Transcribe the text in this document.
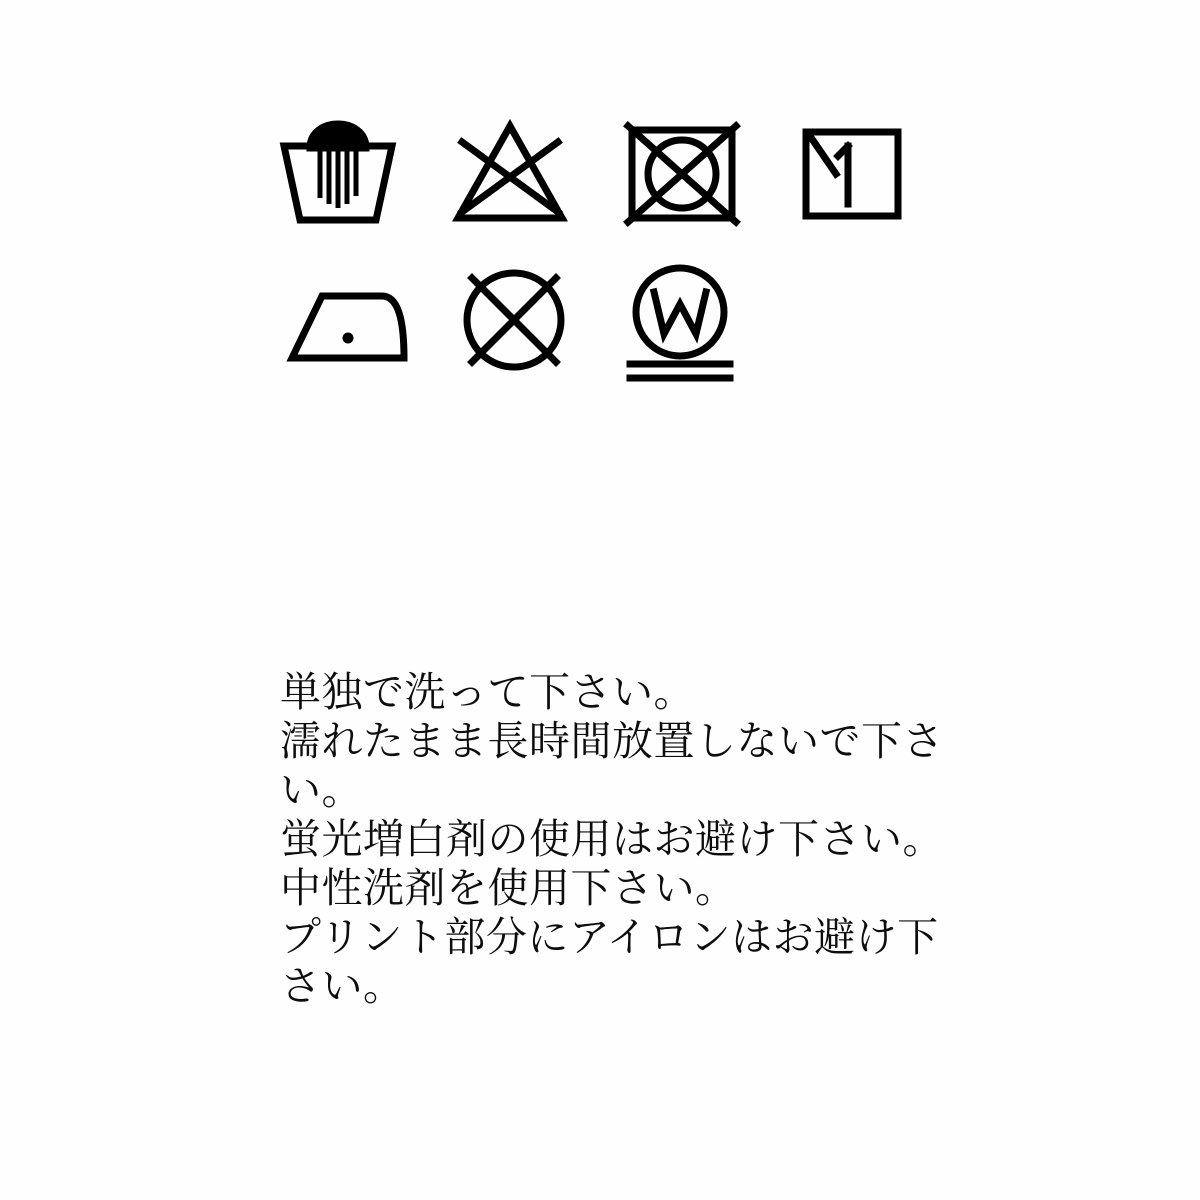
単独で洗って下さい。
濡れたまま長時間放置しないで下さい。
蛍光増白剤の使用はお避け下さい。
中性洗剤を使用下さい。
プリント部分にアイロンはお避け下さい。
